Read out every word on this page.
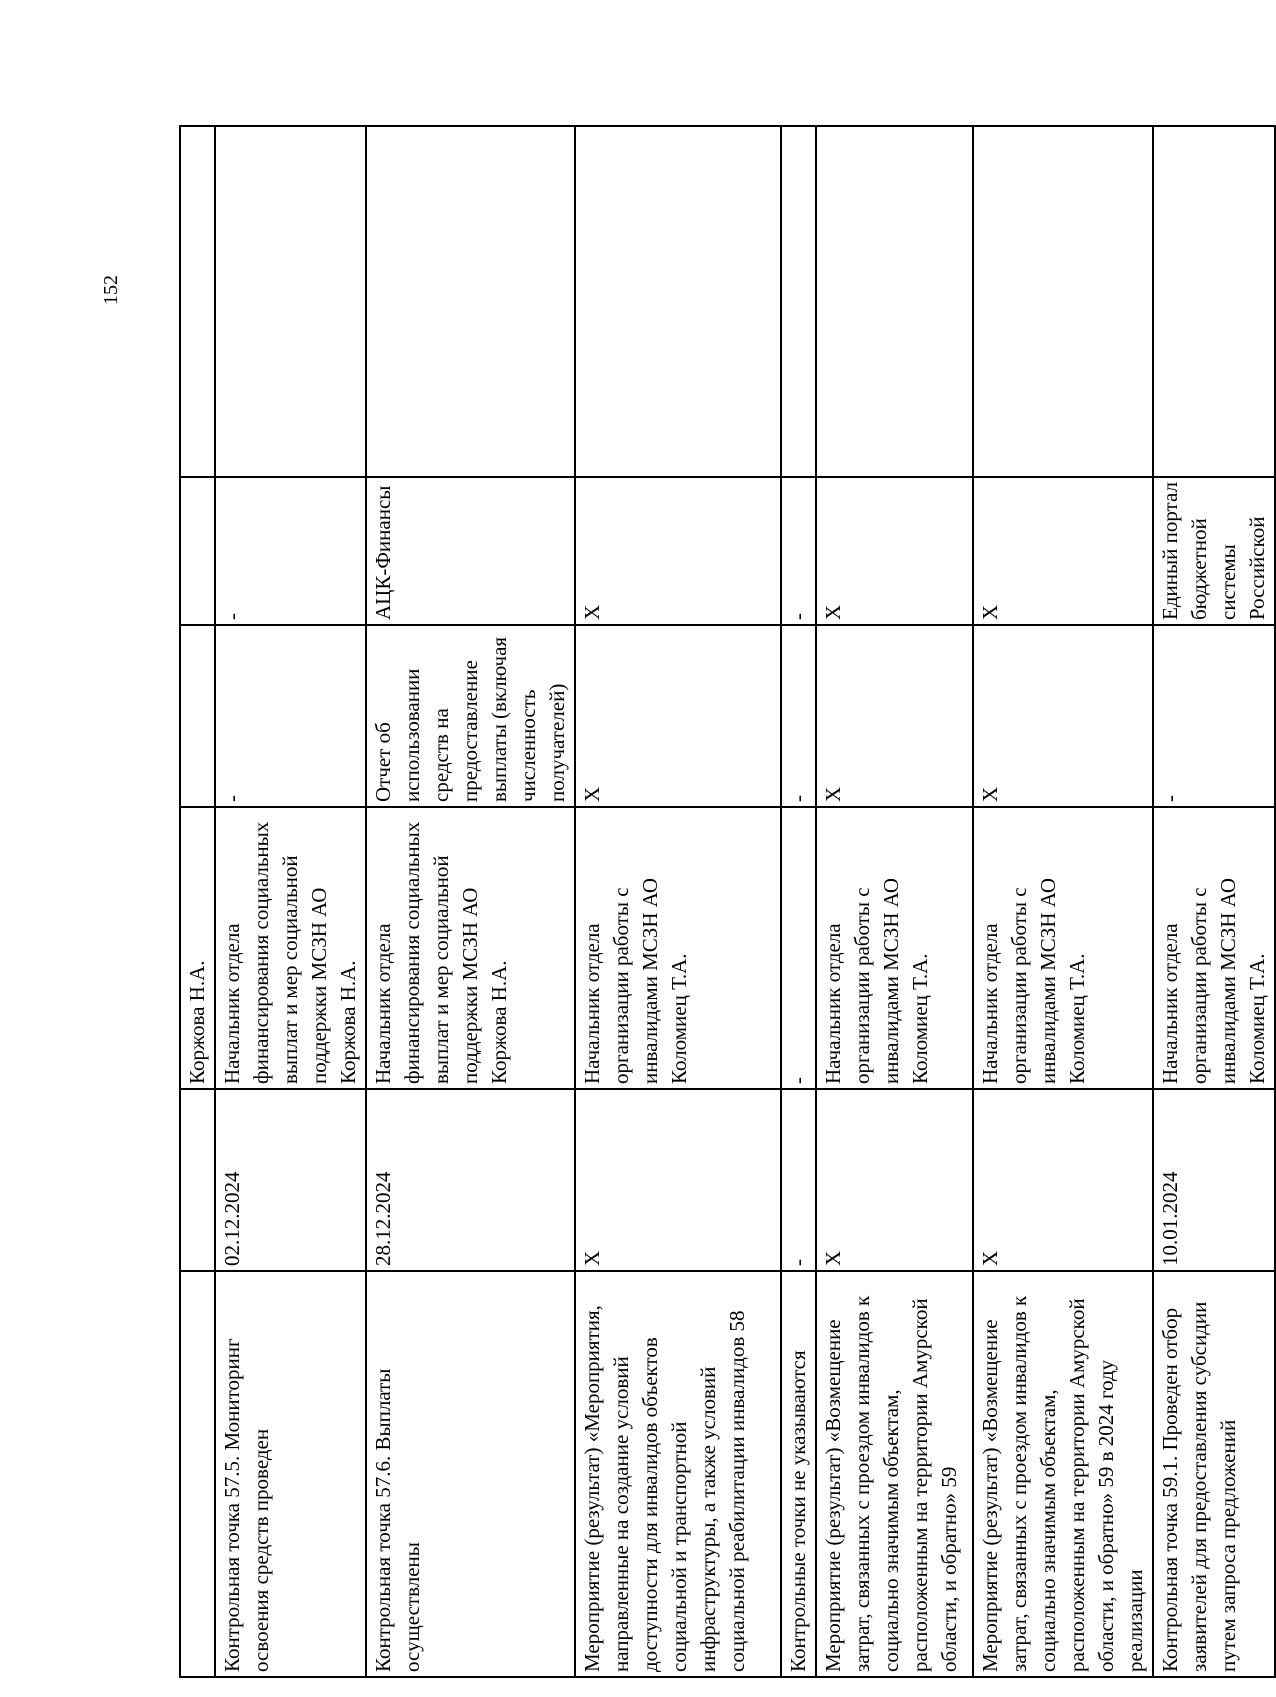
152

		Коржова Н.А.			

Контрольная точка 57.5. Мониторинг освоения средств проведен	02.12.2024	Начальник отдела финансирования социальных выплат и мер социальной поддержки МСЗН АО Коржова Н.А.	-	-	

Контрольная точка 57.6. Выплаты осуществлены	28.12.2024	Начальник отдела финансирования социальных выплат и мер социальной поддержки МСЗН АО Коржова Н.А.	Отчет об использовании средств на предоставление выплаты (включая численность получателей)	АЦК-Финансы	

Мероприятие (результат) «Мероприятия, направленные на создание условий доступности для инвалидов объектов социальной и транспортной инфраструктуры, а также условий социальной реабилитации инвалидов 58	X	Начальник отдела организации работы с инвалидами МСЗН АО Коломиец Т.А.	X	X	

Контрольные точки не указываются	-	-	-	-	

Мероприятие (результат) «Возмещение затрат, связанных с проездом инвалидов к социально значимым объектам, расположенным на территории Амурской области, и обратно» 59	X	Начальник отдела организации работы с инвалидами МСЗН АО Коломиец Т.А.	X	X	

Мероприятие (результат) «Возмещение затрат, связанных с проездом инвалидов к социально значимым объектам, расположенным на территории Амурской области, и обратно» 59 в 2024 году реализации	X	Начальник отдела организации работы с инвалидами МСЗН АО Коломиец Т.А.	X	X	

Контрольная точка 59.1. Проведен отбор заявителей для предоставления субсидии путем запроса предложений	10.01.2024	Начальник отдела организации работы с инвалидами МСЗН АО Коломиец Т.А.	-	Единый портал бюджетной системы Российской	
